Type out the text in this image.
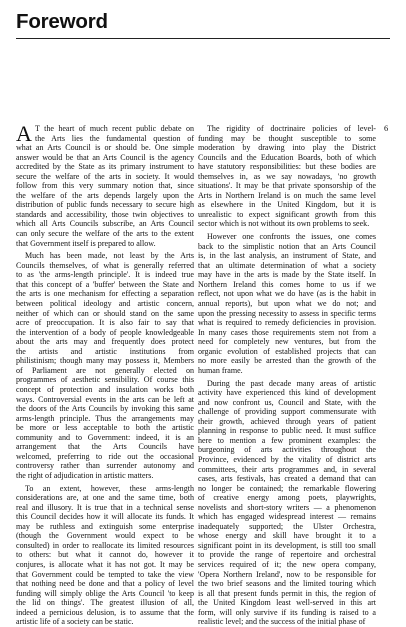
Foreword
6
A T the heart of much recent public debate on
the Arts lies the fundamental question of
what an Arts Council is or should be. One simple
answer would be that an Arts Council is the agency
accredited by the State as its primary instrument to
secure the welfare of the arts in society. It would
follow from this very summary notion that, since
the welfare of the arts depends largely upon the
distribution of public funds necessary to secure high
standards and accessibility, those twin objectives to
which all Arts Councils subscribe, an Arts Council
can only secure the welfare of the arts to the extent
that Government itself is prepared to allow.
Much has been made, not least by the Arts
Councils themselves, of what is generally referred
to as 'the arms-length principle'. It is indeed true
that this concept of a 'buffer' between the State and
the arts is one mechanism for effecting a separation
between political ideology and artistic concern,
neither of which can or should stand on the same
acre of preoccupation. It is also fair to say that
the intervention of a body of people knowledgeable
about the arts may and frequently does protect
the artists and artistic institutions from
philistinism; though many may possess it, Members
of Parliament are not generally elected on
programmes of aesthetic sensibility. Of course this
concept of protection and insulation works both
ways. Controversial events in the arts can be left at
the doors of the Arts Councils by invoking this same
arms-length principle. Thus the arrangements may
be more or less acceptable to both the artistic
community and to Government: indeed, it is an
arrangement that the Arts Councils have
welcomed, preferring to ride out the occasional
controversy rather than surrender autonomy and
the right of adjudication in artistic matters.
To an extent, however, these arms-length
considerations are, at one and the same time, both
real and illusory. It is true that in a technical sense
this Council decides how it will allocate its funds. It
may be ruthless and extinguish some enterprise
(though the Government would expect to be
consulted) in order to reallocate its limited resources
to others: but what it cannot do, however it
conjures, is allocate what it has not got. It may be
that Government could be tempted to take the view
that nothing need be done and that a policy of level
funding will simply oblige the Arts Council 'to keep
the lid on things'. The greatest illusion of all,
indeed a pernicious delusion, is to assume that the
artistic life of a society can be static.
The rigidity of doctrinaire policies of level-
funding may be thought susceptible to some
moderation by drawing into play the District
Councils and the Education Boards, both of which
have statutory responsibilities: but these bodies are
themselves in, as we say nowadays, 'no growth
situations'. It may be that private sponsorship of the
Arts in Northern Ireland is on much the same level
as elsewhere in the United Kingdom, but it is
unrealistic to expect significant growth from this
sector which is not without its own problems to seek.
However one confronts the issues, one comes
back to the simplistic notion that an Arts Council
is, in the last analysis, an instrument of State, and
that an ultimate determination of what a society
may have in the arts is made by the State itself. In
Northern Ireland this comes home to us if we
reflect, not upon what we do have (as is the habit in
annual reports), but upon what we do not; and
upon the pressing necessity to assess in specific terms
what is required to remedy deficiencies in provision.
In many cases those requirements stem not from a
need for completely new ventures, but from the
organic evolution of established projects that can
no more easily be arrested than the growth of the
human frame.
During the past decade many areas of artistic
activity have experienced this kind of development
and now confront us, Council and State, with the
challenge of providing support commensurate with
their growth, achieved through years of patient
planning in response to public need. It must suffice
here to mention a few prominent examples: the
burgeoning of arts activities throughout the
Province, evidenced by the vitality of district arts
committees, their arts programmes and, in several
cases, arts festivals, has created a demand that can
no longer be contained; the remarkable flowering
of creative energy among poets, playwrights,
novelists and short-story writers — a phenomenon
which has engaged widespread interest — remains
inadequately supported; the Ulster Orchestra,
whose energy and skill have brought it to a
significant point in its development, is still too small
to provide the range of repertoire and orchestral
services required of it; the new opera company,
'Opera Northern Ireland', now to be responsible for
the two brief seasons and the limited touring which
is all that present funds permit in this, the region of
the United Kingdom least well-served in this art
form, will only survive if its funding is raised to a
realistic level; and the success of the initial phase of
